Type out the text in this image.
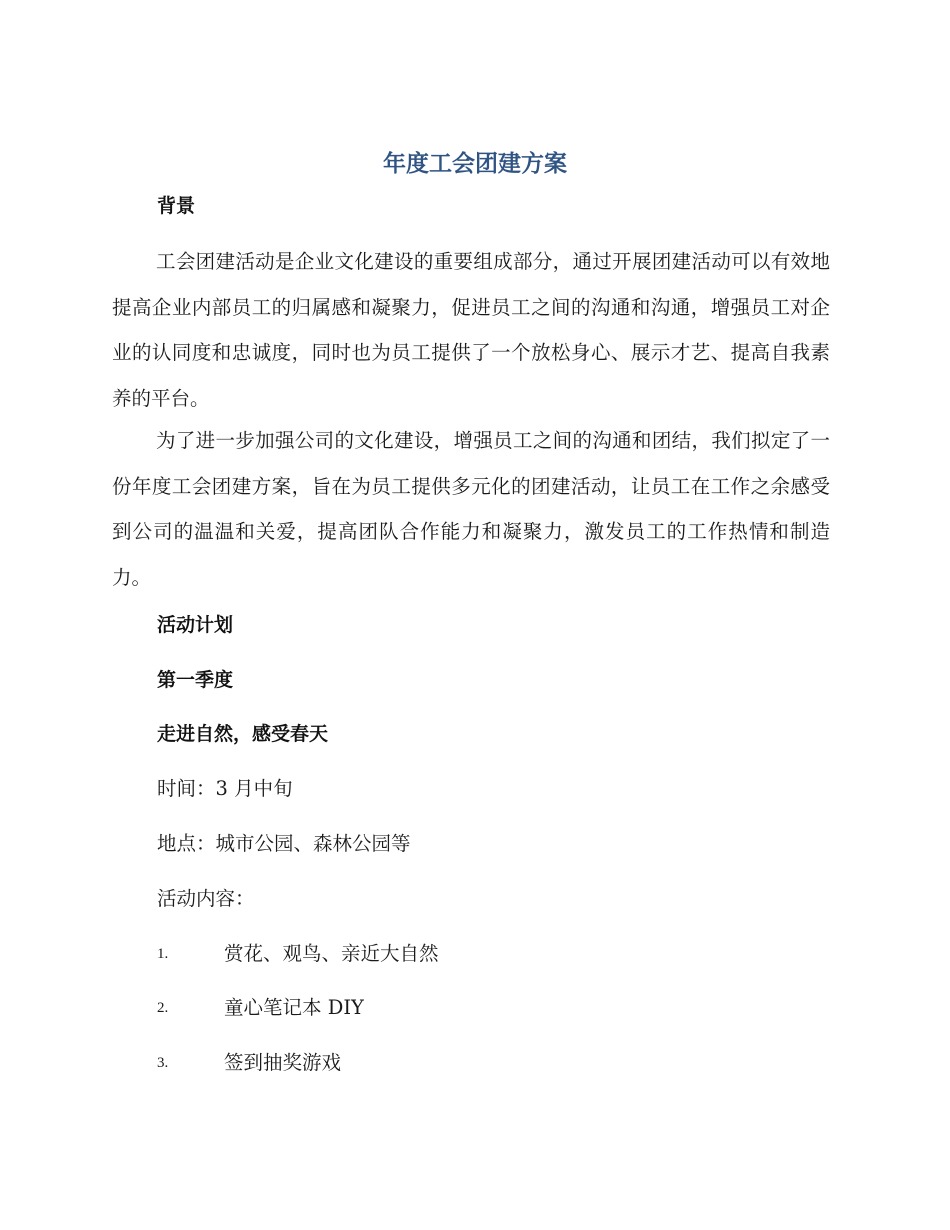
年度工会团建方案
背景
工会团建活动是企业文化建设的重要组成部分，通过开展团建活动可以有效地提高企业内部员工的归属感和凝聚力，促进员工之间的沟通和沟通，增强员工对企业的认同度和忠诚度，同时也为员工提供了一个放松身心、展示才艺、提高自我素养的平台。
为了进一步加强公司的文化建设，增强员工之间的沟通和团结，我们拟定了一份年度工会团建方案，旨在为员工提供多元化的团建活动，让员工在工作之余感受到公司的温温和关爱，提高团队合作能力和凝聚力，激发员工的工作热情和制造力。
活动计划
第一季度
走进自然，感受春天
时间：3 月中旬
地点：城市公园、森林公园等
活动内容：
1.	赏花、观鸟、亲近大自然
2.	童心笔记本 DIY
3.	签到抽奖游戏
